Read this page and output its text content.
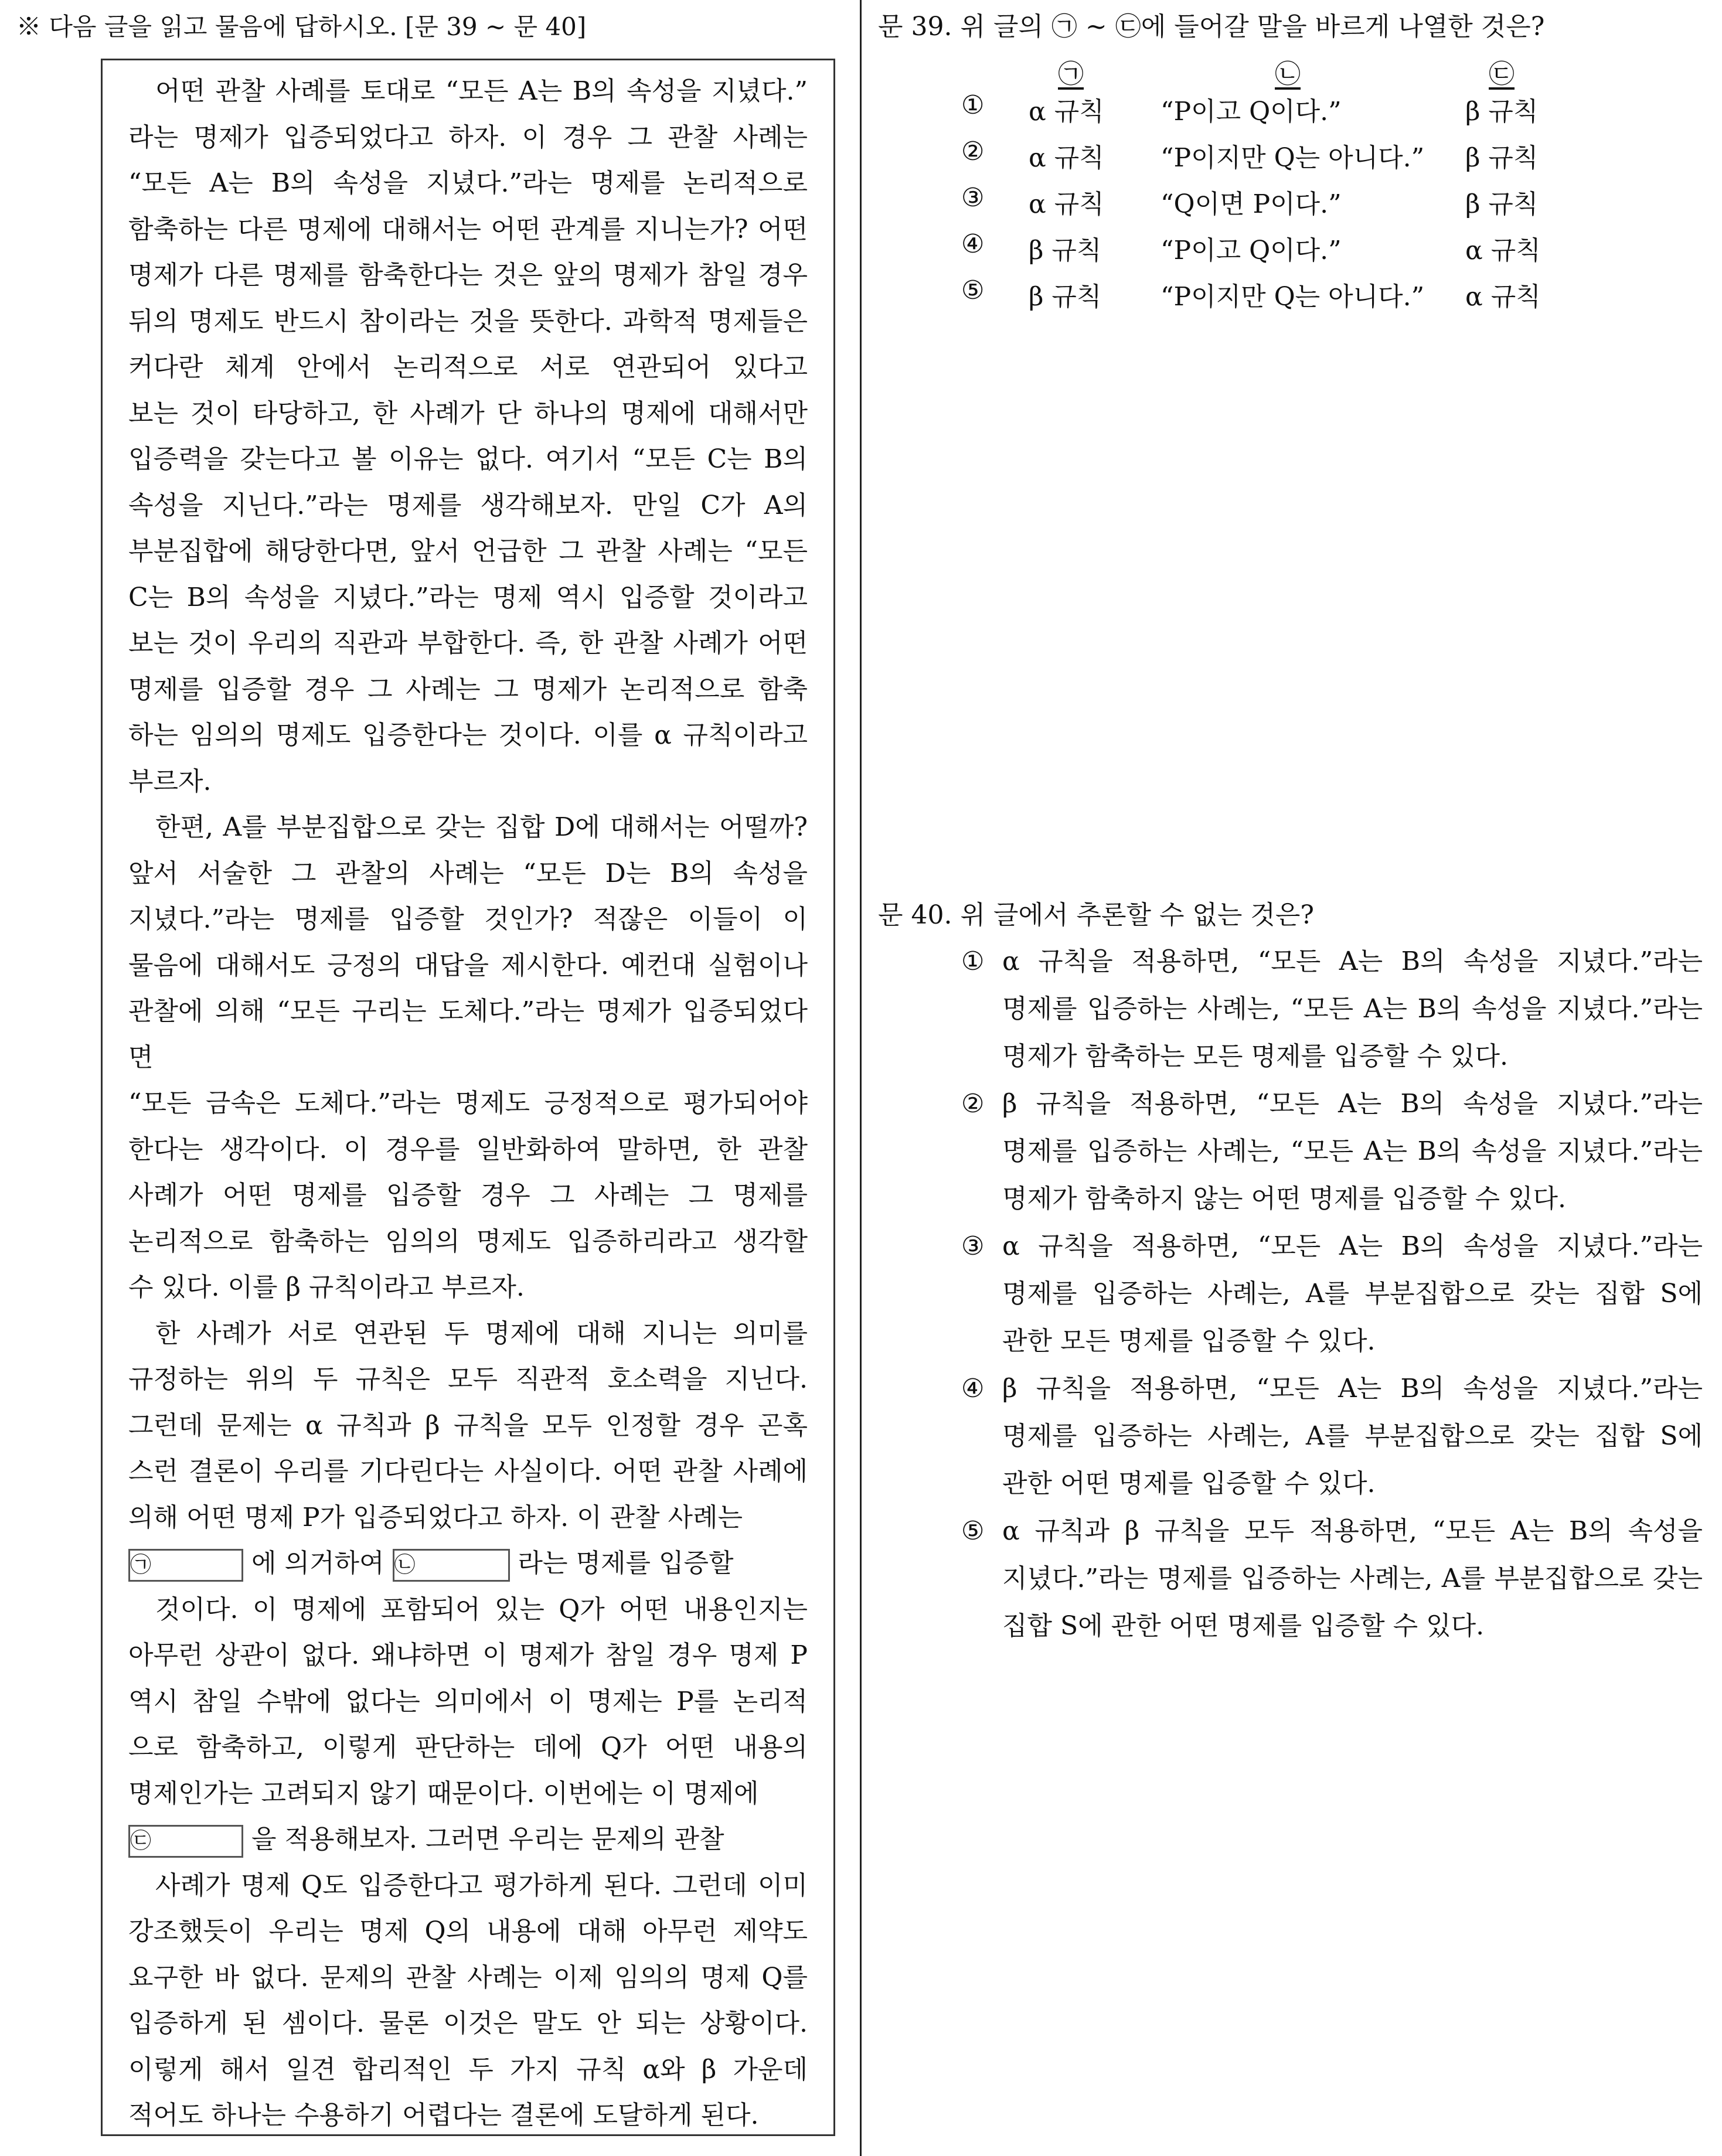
※ 다음 글을 읽고 물음에 답하시오. [문 39 ~ 문 40]
어떤 관찰 사례를 토대로 “모든 A는 B의 속성을 지녔다.”
라는 명제가 입증되었다고 하자. 이 경우 그 관찰 사례는
“모든 A는 B의 속성을 지녔다.”라는 명제를 논리적으로
함축하는 다른 명제에 대해서는 어떤 관계를 지니는가? 어떤
명제가 다른 명제를 함축한다는 것은 앞의 명제가 참일 경우
뒤의 명제도 반드시 참이라는 것을 뜻한다. 과학적 명제들은
커다란 체계 안에서 논리적으로 서로 연관되어 있다고
보는 것이 타당하고, 한 사례가 단 하나의 명제에 대해서만
입증력을 갖는다고 볼 이유는 없다. 여기서 “모든 C는 B의
속성을 지닌다.”라는 명제를 생각해보자. 만일 C가 A의
부분집합에 해당한다면, 앞서 언급한 그 관찰 사례는 “모든
C는 B의 속성을 지녔다.”라는 명제 역시 입증할 것이라고
보는 것이 우리의 직관과 부합한다. 즉, 한 관찰 사례가 어떤
명제를 입증할 경우 그 사례는 그 명제가 논리적으로 함축
하는 임의의 명제도 입증한다는 것이다. 이를 α 규칙이라고
부르자.
한편, A를 부분집합으로 갖는 집합 D에 대해서는 어떨까?
앞서 서술한 그 관찰의 사례는 “모든 D는 B의 속성을
지녔다.”라는 명제를 입증할 것인가? 적잖은 이들이 이
물음에 대해서도 긍정의 대답을 제시한다. 예컨대 실험이나
관찰에 의해 “모든 구리는 도체다.”라는 명제가 입증되었다면
“모든 금속은 도체다.”라는 명제도 긍정적으로 평가되어야
한다는 생각이다. 이 경우를 일반화하여 말하면, 한 관찰
사례가 어떤 명제를 입증할 경우 그 사례는 그 명제를
논리적으로 함축하는 임의의 명제도 입증하리라고 생각할
수 있다. 이를 β 규칙이라고 부르자.
한 사례가 서로 연관된 두 명제에 대해 지니는 의미를
규정하는 위의 두 규칙은 모두 직관적 호소력을 지닌다.
그런데 문제는 α 규칙과 β 규칙을 모두 인정할 경우 곤혹
스런 결론이 우리를 기다린다는 사실이다. 어떤 관찰 사례에
의해 어떤 명제 P가 입증되었다고 하자. 이 관찰 사례는
㉠	에 의거하여 ㉡	라는 명제를 입증할
것이다. 이 명제에 포함되어 있는 Q가 어떤 내용인지는
아무런 상관이 없다. 왜냐하면 이 명제가 참일 경우 명제 P
역시 참일 수밖에 없다는 의미에서 이 명제는 P를 논리적
으로 함축하고, 이렇게 판단하는 데에 Q가 어떤 내용의
명제인가는 고려되지 않기 때문이다. 이번에는 이 명제에
㉢	을 적용해보자. 그러면 우리는 문제의 관찰
사례가 명제 Q도 입증한다고 평가하게 된다. 그런데 이미
강조했듯이 우리는 명제 Q의 내용에 대해 아무런 제약도
요구한 바 없다. 문제의 관찰 사례는 이제 임의의 명제 Q를
입증하게 된 셈이다. 물론 이것은 말도 안 되는 상황이다.
이렇게 해서 일견 합리적인 두 가지 규칙 α와 β 가운데
적어도 하나는 수용하기 어렵다는 결론에 도달하게 된다.
문 39. 위 글의 ㉠ ~ ㉢에 들어갈 말을 바르게 나열한 것은?
㉠	㉡	㉢
①	α 규칙 “P이고 Q이다.”	β 규칙
②	α 규칙 “P이지만 Q는 아니다.” β 규칙
③	α 규칙 “Q이면 P이다.”	β 규칙
④	β 규칙 “P이고 Q이다.”	α 규칙
⑤	β 규칙 “P이지만 Q는 아니다.” α 규칙
문 40. 위 글에서 추론할 수 없는 것은?
① α 규칙을 적용하면, “모든 A는 B의 속성을 지녔다.”라는
명제를 입증하는 사례는, “모든 A는 B의 속성을 지녔다.”라는
명제가 함축하는 모든 명제를 입증할 수 있다.
② β 규칙을 적용하면, “모든 A는 B의 속성을 지녔다.”라는
명제를 입증하는 사례는, “모든 A는 B의 속성을 지녔다.”라는
명제가 함축하지 않는 어떤 명제를 입증할 수 있다.
③ α 규칙을 적용하면, “모든 A는 B의 속성을 지녔다.”라는
명제를 입증하는 사례는, A를 부분집합으로 갖는 집합 S에
관한 모든 명제를 입증할 수 있다.
④ β 규칙을 적용하면, “모든 A는 B의 속성을 지녔다.”라는
명제를 입증하는 사례는, A를 부분집합으로 갖는 집합 S에
관한 어떤 명제를 입증할 수 있다.
⑤ α 규칙과 β 규칙을 모두 적용하면, “모든 A는 B의 속성을
지녔다.”라는 명제를 입증하는 사례는, A를 부분집합으로 갖는
집합 S에 관한 어떤 명제를 입증할 수 있다.
